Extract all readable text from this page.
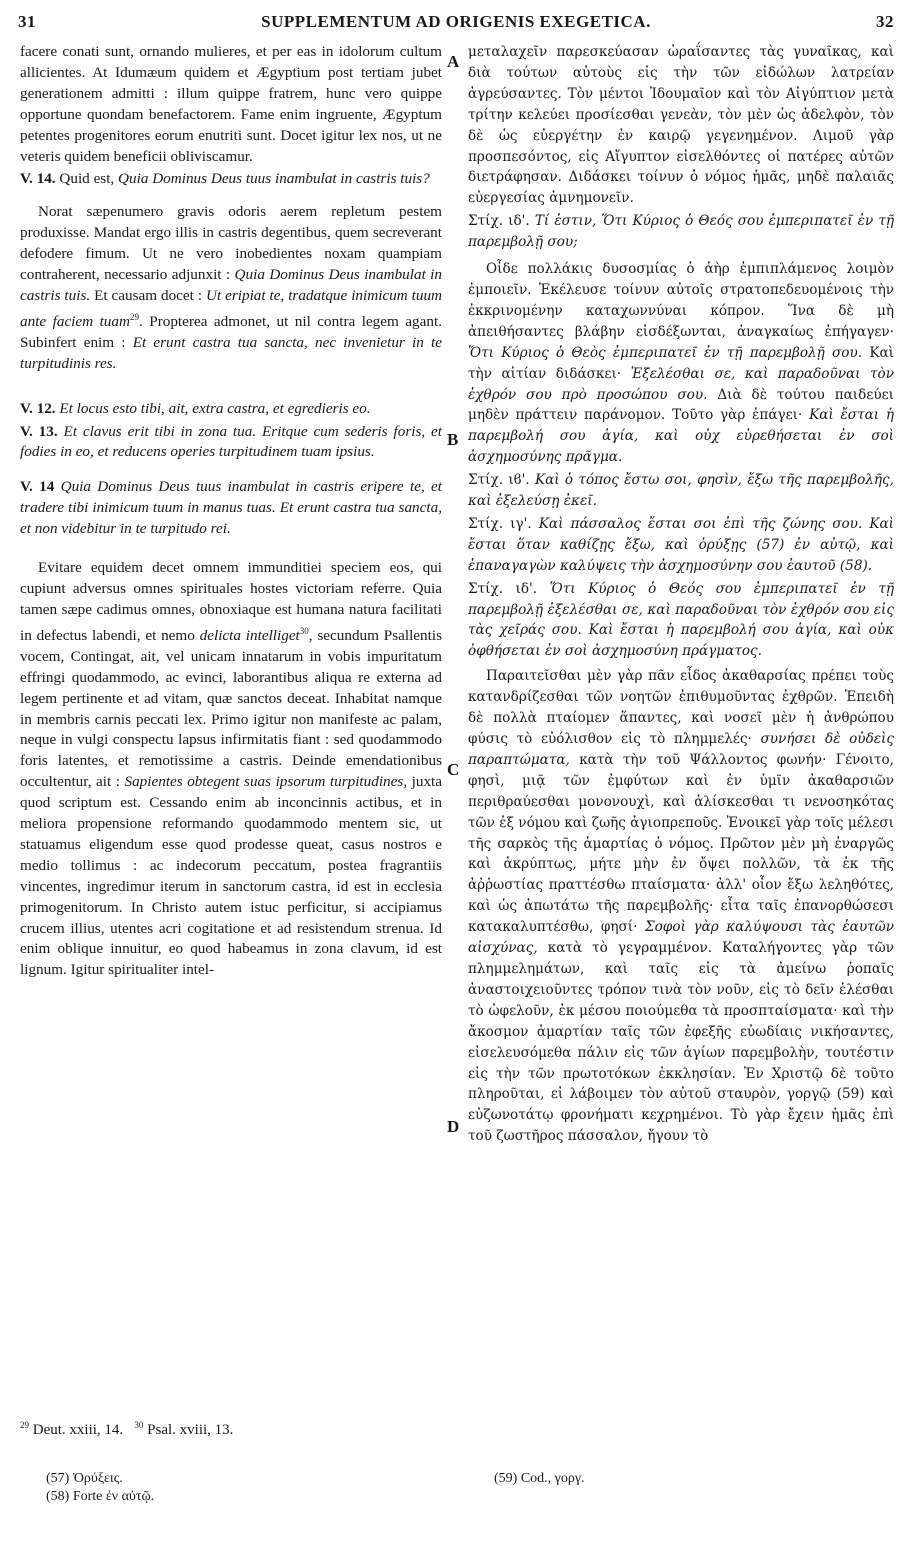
31	SUPPLEMENTUM AD ORIGENIS EXEGETICA.	32
A
B
C
D

facere conati sunt, ornando mulieres, et per eas in idolorum cultum allicientes. At Idumæum quidem et Ægyptium post tertiam jubet generationem admitti : illum quippe fratrem, hunc vero quippe opportune quondam benefactorem. Fame enim ingruente, Ægyptum petentes progenitores eorum enutriti sunt. Docet igitur lex nos, ut ne veteris quidem beneficii obliviscamur.

V. 14. Quid est, Quia Dominus Deus tuus inambulat in castris tuis?

Norat sæpenumero gravis odoris aerem repletum pestem produxisse. Mandat ergo illis in castris degentibus, quem secreverant defodere fimum. Ut ne vero inobedientes noxam quampiam contraherent, necessario adjunxit : Quia Dominus Deus inambulat in castris tuis. Et causam docet : Ut eripiat te, tradatque inimicum tuum ante faciem tuam$^{29}$. Propterea admonet, ut nil contra legem agant. Subinfert enim : Et erunt castra tua sancta, nec invenietur in te turpitudinis res.

V. 12. Et locus esto tibi, ait, extra castra, et egredieris eo.

V. 13. Et clavus erit tibi in zona tua. Eritque cum sederis foris, et fodies in eo, et reducens operies turpitudinem tuam ipsius.

V. 14 Quia Dominus Deus tuus inambulat in castris eripere te, et tradere tibi inimicum tuum in manus tuas. Et erunt castra tua sancta, et non videbitur in te turpitudo rei.

Evitare equidem decet omnem immunditiei speciem eos, qui cupiunt adversus omnes spirituales hostes victoriam referre. Quia tamen sæpe cadimus omnes, obnoxiaque est humana natura facilitati in defectus labendi, et nemo delicta intelliget$^{30}$, secundum Psallentis vocem, Contingat, ait, vel unicam innatarum in vobis impuritatum effringi quodammodo, ac evinci, laborantibus aliqua re externa ad legem pertinente et ad vitam, quæ sanctos deceat. Inhabitat namque in membris carnis peccati lex. Primo igitur non manifeste ac palam, neque in vulgi conspectu lapsus infirmitatis fiant : sed quodammodo foris latentes, et remotissime a castris. Deinde emendationibus occultentur, ait : Sapientes obtegent suas ipsorum turpitudines, juxta quod scriptum est. Cessando enim ab inconcinnis actibus, et in meliora propensione reformando quodammodo mentem sic, ut statuamus eligendum esse quod prodesse queat, casus nostros e medio tollimus : ac indecorum peccatum, postea fragrantiis vincentes, ingredimur iterum in sanctorum castra, id est in ecclesia primogenitorum. In Christo autem istuc perficitur, si accipiamus crucem illius, utentes acri cogitatione et ad resistendum strenua. Id enim oblique innuitur, eo quod habeamus in zona clavum, id est lignum. Igitur spiritualiter intel-

μεταλαχεῖν παρεσκεύασαν ὡραΐσαντες τὰς γυναῖκας, καὶ διὰ τούτων αὐτοὺς εἰς τὴν τῶν εἰδώλων λατρείαν ἀγρεύσαντες. Τὸν μέντοι Ἰδουμαῖον καὶ τὸν Αἰγύπτιον μετὰ τρίτην κελεύει προσίεσθαι γενεὰν, τὸν μὲν ὡς ἀδελφὸν, τὸν δὲ ὡς εὐεργέτην ἐν καιρῷ γεγενημένον. Λιμοῦ γὰρ προσπεσόντος, εἰς Αἴγυπτον εἰσελθόντες οἱ πατέρες αὐτῶν διετράφησαν. Διδάσκει τοίνυν ὁ νόμος ἡμᾶς, μηδὲ παλαιᾶς εὐεργεσίας ἀμνημονεῖν.

Στίχ. ιδ'. Τί ἐστιν, Ὅτι Κύριος ὁ Θεός σου ἐμπεριπατεῖ ἐν τῇ παρεμβολῇ σου;

Οἶδε πολλάκις δυσοσμίας ὁ ἀὴρ ἐμπιπλάμενος λοιμὸν ἐμποιεῖν. Ἐκέλευσε τοίνυν αὐτοῖς στρατοπεδευομένοις τὴν ἐκκρινομένην καταχωννύναι κόπρον. Ἵνα δὲ μὴ ἀπειθήσαντες βλάβην εἰσδέξωνται, ἀναγκαίως ἐπήγαγεν· Ὅτι Κύριος ὁ Θεὸς ἐμπεριπατεῖ ἐν τῇ παρεμβολῇ σου. Καὶ τὴν αἰτίαν διδάσκει· Ἐξελέσθαι σε, καὶ παραδοῦναι τὸν ἐχθρόν σου πρὸ προσώπου σου. Διὰ δὲ τούτου παιδεύει μηδὲν πράττειν παράνομον. Τοῦτο γὰρ ἐπάγει· Καὶ ἔσται ἡ παρεμβολή σου ἁγία, καὶ οὐχ εὑρεθήσεται ἐν σοὶ ἀσχημοσύνης πρᾶγμα.

Στίχ. ιϐ'. Καὶ ὁ τόπος ἔστω σοι, φησὶν, ἔξω τῆς παρεμβολῆς, καὶ ἐξελεύσῃ ἐκεῖ.

Στίχ. ιγ'. Καὶ πάσσαλος ἔσται σοι ἐπὶ τῆς ζώνης σου. Καὶ ἔσται ὅταν καθίζῃς ἔξω, καὶ ὀρύξῃς (57) ἐν αὐτῷ, καὶ ἐπαναγαγὼν καλύψεις τὴν ἀσχημοσύνην σου ἑαυτοῦ (58).

Στίχ. ιδ'. Ὅτι Κύριος ὁ Θεός σου ἐμπεριπατεῖ ἐν τῇ παρεμβολῇ ἐξελέσθαι σε, καὶ παραδοῦναι τὸν ἐχθρόν σου εἰς τὰς χεῖράς σου. Καὶ ἔσται ἡ παρεμβολή σου ἁγία, καὶ οὐκ ὀφθήσεται ἐν σοὶ ἀσχημοσύνη πράγματος.

Παραιτεῖσθαι μὲν γὰρ πᾶν εἶδος ἀκαθαρσίας πρέπει τοὺς κατανδρίζεσθαι τῶν νοητῶν ἐπιθυμοῦντας ἐχθρῶν. Ἐπειδὴ δὲ πολλὰ πταίομεν ἅπαντες, καὶ νοσεῖ μὲν ἡ ἀνθρώπου φύσις τὸ εὐόλισθον εἰς τὸ πλημμελές· συνήσει δὲ οὐδεὶς παραπτώματα, κατὰ τὴν τοῦ Ψάλλοντος φωνήν· Γένοιτο, φησὶ, μιᾷ τῶν ἐμφύτων καὶ ἐν ὑμῖν ἀκαθαρσιῶν περιθραύεσθαι μονονουχὶ, καὶ ἁλίσκεσθαι τι νενοσηκότας τῶν ἐξ νόμου καὶ ζωῆς ἁγιοπρεποῦς. Ἐνοικεῖ γὰρ τοῖς μέλεσι τῆς σαρκὸς τῆς ἁμαρτίας ὁ νόμος. Πρῶτον μὲν μὴ ἐναργῶς καὶ ἀκρύπτως, μήτε μὴν ἐν ὄψει πολλῶν, τὰ ἐκ τῆς ἀῤῥωστίας πραττέσθω πταίσματα· ἀλλ' οἷον ἔξω λεληθότες, καὶ ὡς ἀπωτάτω τῆς παρεμβολῆς· εἶτα ταῖς ἐπανορθώσεσι κατακαλυπτέσθω, φησί· Σοφοὶ γὰρ καλύψουσι τὰς ἑαυτῶν αἰσχύνας, κατὰ τὸ γεγραμμένον. Καταλήγοντες γὰρ τῶν πλημμελημάτων, καὶ ταῖς εἰς τὰ ἀμείνω ῥοπαῖς ἀναστοιχειοῦντες τρόπον τινὰ τὸν νοῦν, εἰς τὸ δεῖν ἑλέσθαι τὸ ὠφελοῦν, ἐκ μέσου ποιούμεθα τὰ προσπταίσματα· καὶ τὴν ἄκοσμον ἁμαρτίαν ταῖς τῶν ἐφεξῆς εὐωδίαις νικήσαντες, εἰσελευσόμεθα πάλιν εἰς τῶν ἁγίων παρεμβολὴν, τουτέστιν εἰς τὴν τῶν πρωτοτόκων ἐκκλησίαν. Ἐν Χριστῷ δὲ τοῦτο πληροῦται, εἰ λάβοιμεν τὸν αὐτοῦ σταυρὸν, γοργῷ (59) καὶ εὐζωνοτάτῳ φρονήματι κεχρημένοι. Τὸ γὰρ ἔχειν ἡμᾶς ἐπὶ τοῦ ζωστῆρος πάσσαλον, ἤγουν τὸ

$^{29}$ Deut. xxiii, 14. $^{30}$ Psal. xviii, 13.
(57) Ὀρύξεις.
(58) Forte ἐν αὐτῷ.
(59) Cod., γοργ.
